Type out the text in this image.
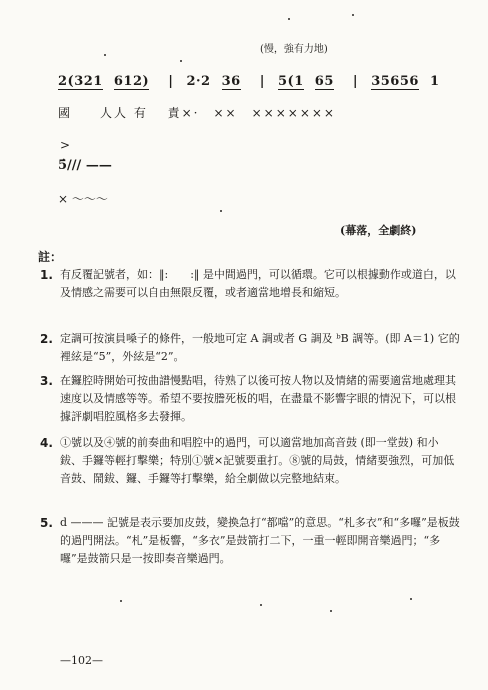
(慢，強有力地)
2(321 612) | 2·2 36 | 5(1 65 | 35656 1
國　　人人 有　 責×·　××　×××××××
>
5̇/// ——
× ～～～
(幕落，全劇終)
註：
1. 有反覆記號者，如：‖:　　:‖ 是中間過門，可以循環。它可以根據動作或道白，以及情感之需要可以自由無限反覆，或者適當地增長和縮短。
2. 定調可按演員嗓子的條件，一般地可定 A 調或者 G 調及 ᵇB 調等。(即 A＝1) 它的裡絃是“5”，外絃是“2”。
3. 在鑼腔時開始可按曲譜慢點唱，待熟了以後可按人物以及情緒的需要適當地處理其速度以及情感等等。希望不要按謄死板的唱，在盡量不影響字眼的情況下，可以根據評劇唱腔風格多去發揮。
4. ①號以及④號的前奏曲和唱腔中的過門，可以適當地加高音鼓 (即一堂鼓) 和小鈸、手鑼等輕打擊樂；特別①號×記號要重打。⑧號的局鼓，情緒要強烈，可加低音鼓、鬧鈸、鑼、手鑼等打擊樂，給全劇做以完整地結束。
5. d ——— 記號是表示要加皮鼓，變換急打“都噹”的意思。“札多衣”和“多囉”是板鼓的過門開法。“札”是板響，“多衣”是鼓箭打二下，一重一輕即開音樂過門；“多囉”是鼓箭只是一按即奏音樂過門。
—102—
